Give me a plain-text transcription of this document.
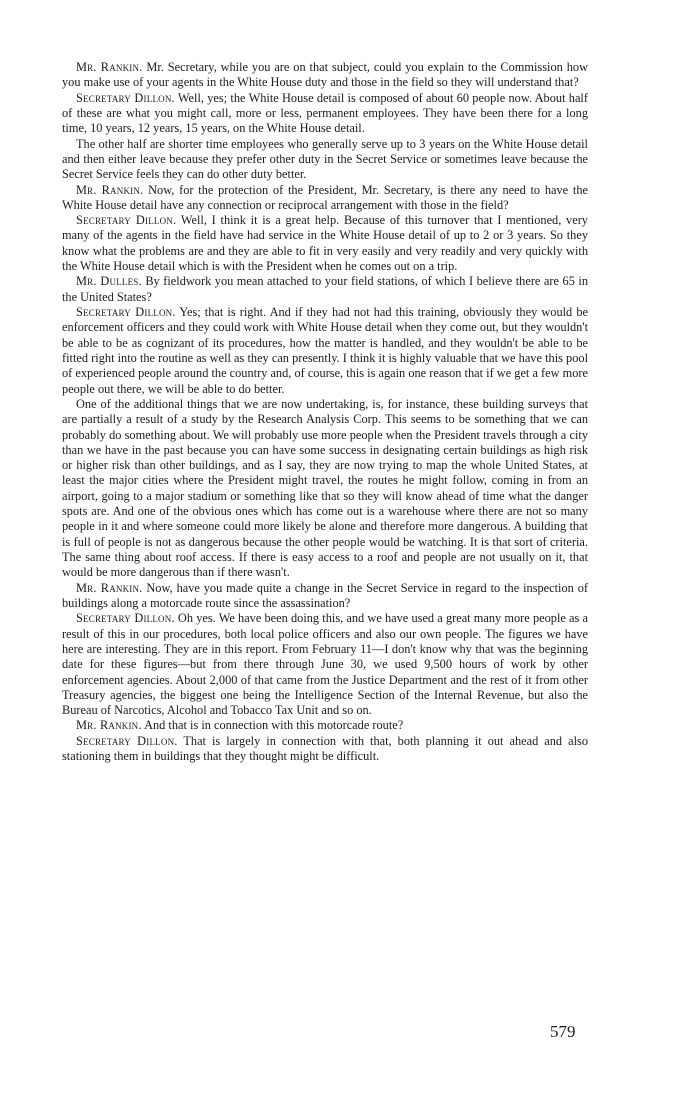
Mr. Rankin. Mr. Secretary, while you are on that subject, could you explain to the Commission how you make use of your agents in the White House duty and those in the field so they will understand that?

Secretary Dillon. Well, yes; the White House detail is composed of about 60 people now. About half of these are what you might call, more or less, permanent employees. They have been there for a long time, 10 years, 12 years, 15 years, on the White House detail.

The other half are shorter time employees who generally serve up to 3 years on the White House detail and then either leave because they prefer other duty in the Secret Service or sometimes leave because the Secret Service feels they can do other duty better.

Mr. Rankin. Now, for the protection of the President, Mr. Secretary, is there any need to have the White House detail have any connection or reciprocal arrangement with those in the field?

Secretary Dillon. Well, I think it is a great help. Because of this turnover that I mentioned, very many of the agents in the field have had service in the White House detail of up to 2 or 3 years. So they know what the problems are and they are able to fit in very easily and very readily and very quickly with the White House detail which is with the President when he comes out on a trip.

Mr. Dulles. By fieldwork you mean attached to your field stations, of which I believe there are 65 in the United States?

Secretary Dillon. Yes; that is right. And if they had not had this training, obviously they would be enforcement officers and they could work with White House detail when they come out, but they wouldn't be able to be as cognizant of its procedures, how the matter is handled, and they wouldn't be able to be fitted right into the routine as well as they can presently. I think it is highly valuable that we have this pool of experienced people around the country and, of course, this is again one reason that if we get a few more people out there, we will be able to do better.

One of the additional things that we are now undertaking, is, for instance, these building surveys that are partially a result of a study by the Research Analysis Corp. This seems to be something that we can probably do something about. We will probably use more people when the President travels through a city than we have in the past because you can have some success in designating certain buildings as high risk or higher risk than other buildings, and as I say, they are now trying to map the whole United States, at least the major cities where the President might travel, the routes he might follow, coming in from an airport, going to a major stadium or something like that so they will know ahead of time what the danger spots are. And one of the obvious ones which has come out is a warehouse where there are not so many people in it and where someone could more likely be alone and therefore more dangerous. A building that is full of people is not as dangerous because the other people would be watching. It is that sort of criteria. The same thing about roof access. If there is easy access to a roof and people are not usually on it, that would be more dangerous than if there wasn't.

Mr. Rankin. Now, have you made quite a change in the Secret Service in regard to the inspection of buildings along a motorcade route since the assassination?

Secretary Dillon. Oh yes. We have been doing this, and we have used a great many more people as a result of this in our procedures, both local police officers and also our own people. The figures we have here are interesting. They are in this report. From February 11—I don't know why that was the beginning date for these figures—but from there through June 30, we used 9,500 hours of work by other enforcement agencies. About 2,000 of that came from the Justice Department and the rest of it from other Treasury agencies, the biggest one being the Intelligence Section of the Internal Revenue, but also the Bureau of Narcotics, Alcohol and Tobacco Tax Unit and so on.

Mr. Rankin. And that is in connection with this motorcade route?

Secretary Dillon. That is largely in connection with that, both planning it out ahead and also stationing them in buildings that they thought might be difficult.

579
